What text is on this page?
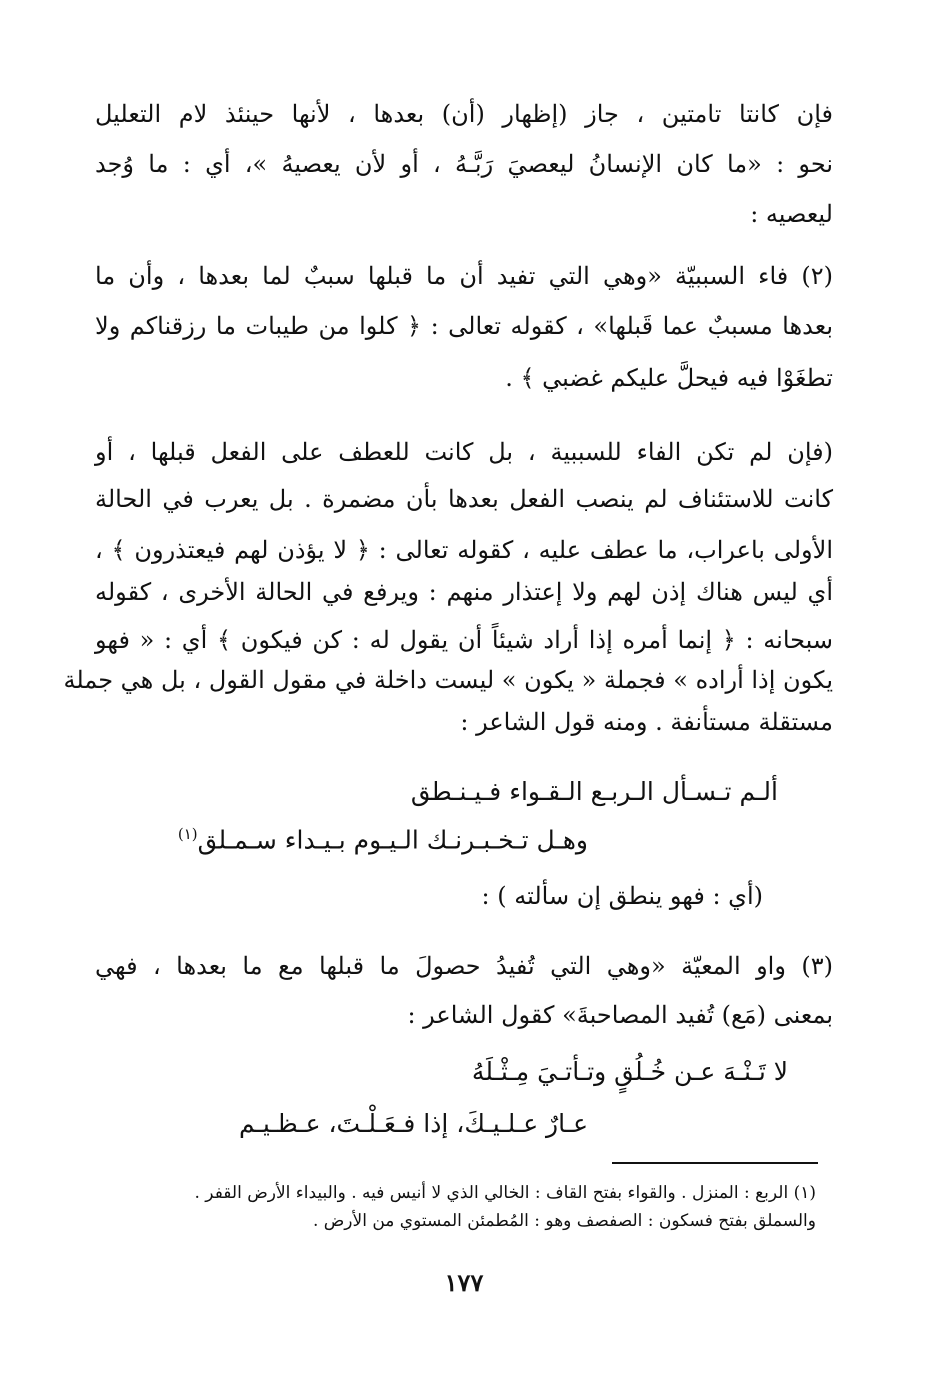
فإن كانتا تامتين ، جاز (إظهار (أن) بعدها ، لأنها حينئذ لام التعليل
نحو : «ما كان الإنسانُ ليعصيَ رَبَّـهُ ، أو لأن يعصيهُ »، أي : ما وُجد
ليعصيه :
(٢) فاء السببيّة «وهي التي تفيد أن ما قبلها سببٌ لما بعدها ، وأن ما
بعدها مسببٌ عما قَبلها» ، كقوله تعالى : ﴿ كلوا من طيبات ما رزقناكم ولا
تطغَوْا فيه فيحلَّ عليكم غضبي ﴾ .
(فإن لم تكن الفاء للسببية ، بل كانت للعطف على الفعل قبلها ، أو
كانت للاستئناف لم ينصب الفعل بعدها بأن مضمرة . بل يعرب في الحالة
الأولى باعراب، ما عطف عليه ، كقوله تعالى : ﴿ لا يؤذن لهم فيعتذرون ﴾ ،
أي ليس هناك إذن لهم ولا إعتذار منهم : ويرفع في الحالة الأخرى ، كقوله
سبحانه : ﴿ إنما أمره إذا أراد شيئاً أن يقول له : كن فيكون ﴾ أي : « فهو
يكون إذا أراده » فجملة « يكون » ليست داخلة في مقول القول ، بل هي جملة
مستقلة مستأنفة . ومنه قول الشاعر :
ألـم تـسـأل الـربـع الـقـواء فـيـنـطق
وهـل تـخـبـرنـك الـيـوم بـيـداء سـمـلق$^{(١)}$
(أي : فهو ينطق إن سألته ) :
(٣) واو المعيّة «وهي التي تُفيدُ حصولَ ما قبلها مع ما بعدها ، فهي
بمعنى (مَع) تُفيد المصاحبةَ» كقول الشاعر :
لا تَـنْـهَ عـن خُـلُقٍ وتـأتـيَ مِـثْـلَهُ
عـارٌ عـلـيـكَ، إذا فـعَـلْـتَ، عـظـيـم
(١) الربع : المنزل . والقواء بفتح القاف : الخالي الذي لا أنيس فيه . والبيداء الأرض القفر .
والسملق بفتح فسكون : الصفصف وهو : المُطمئن المستوي من الأرض .
١٧٧
